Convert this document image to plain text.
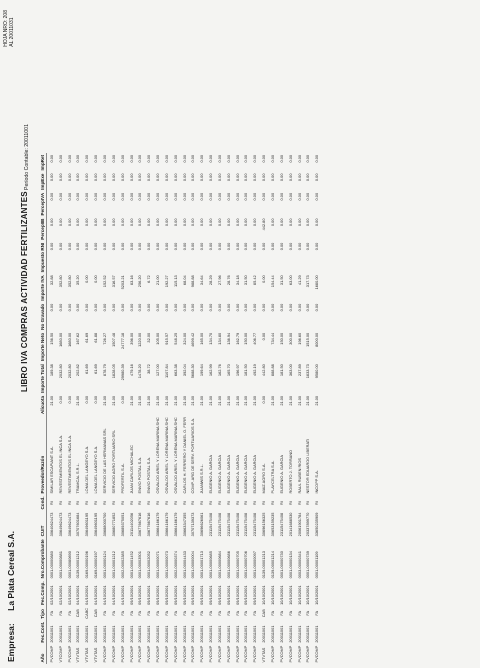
Empresa: La Plata Cereal S.A.
HOJA NRO: 208 AL 20011031
LIBRO IVA COMPRAS ACTIVIDAD FERTILIZANTES
Período Contable: 20011001
Año	Fec.Cont.	Tipo	Fec.Comp.	Nro.Comprobante	CUIT	Cond.	Proveedor/Razón	Alícuota	Importe Total	Importe Neto	No Gravado	Importe IVA	Impuesto RNI	PercepIIB	PercepIVA	ImpExe	ImpRet
PVCOMP	20011001	FA	02/10/2001	0001-00000880	30640624473	RI	SIMILAR ESCAPIANT S.A.	21.00	189.38	156.50	0.00	32.88	0.00	0.00	0.00	0.00	0.00
VTCOMP	20011001	FA	02/10/2001	0001-00000881	30649624473	RI	REVESTIMIENTOS EL INCA S.A.	0.00	2032.80	1680.00	0.00	352.80	0.00	0.00	0.00	0.00	0.00
PVCOMP	20011001	FA	02/10/2001	0001-00080690	30649624473	RI	REVESTIMIENTOS EL INCA S.A.	0.00	2032.80	1680.00	0.00	352.80	0.00	0.00	0.00	0.00	0.00
VTVTAS	20011001	CAB	04/10/2001	0139-00001212	30707601684	RI	TRAMCAL S.R.L.	21.00	202.82	167.62	0.00	35.20	0.00	0.00	0.00	0.00	0.00
VTVTAS	20011001	CABC	04/10/2001	0169-00000196	30649601195	RI	LOMA DEL LANGEYO S.A.	0.00	61.69	61.69	0.00	0.00	0.00	0.00	0.00	0.00	0.00
VTVTAS	20011001	CAB	04/10/2001	0169-00000197	30649601195	RI	LOMA DEL LANGEYO S.A.	0.00	61.69	61.88	0.00	0.00	0.00	0.00	0.00	0.00	0.00
PVCOMP	20011001	FA	04/10/2001	0001-00000124	30688000700	RI	SERVICIO DE LAS HERMANAS SRL	21.00	878.79	726.27	0.00	152.52	0.00	0.00	0.00	0.00	0.00
PVCOMP	20011001	FA	04/10/2001	0001-00001212	30680771852	RI	SERVICIO AGRO PORTUARIO SRL	21.00	1828.05	1507.48	0.00	316.57	0.00	0.00	0.00	0.00	0.00
PVCOMP	20011001	FA	04/10/2001	0002-00002385	30689375051	RI	PROFERTIL S.A.	0.00	29980.39	24777.18	0.00	5203.21	0.00	0.00	0.00	0.00	0.00
PVCOMP	20011001	FA	09/10/2001	0001-00001452	20114402056	RI	JUAN CARLOS MICHALEC	21.00	479.16	396.00	0.00	83.16	0.00	0.00	0.00	0.00	0.00
PVCOMP	20011001	FA	09/10/2001	0001-00003501	30677667616	RI	ENVIO POSTAL S.A.	21.00	1478.20	1220.00	0.00	256.20	0.00	0.00	0.00	0.00	0.00
PVCOMP	20011001	FA	09/10/2001	0001-00002052	30677667616	RI	ENVIO POSTAL S.A.	21.00	38.72	32.00	0.00	6.72	0.00	0.00	0.00	0.00	0.00
PVCOMP	20011001	FA	09/10/2001	0001-00000071	30664166179	RI	OSVALDO ARIEL Y LORENA MARINA SHC	21.00	127.00	105.00	0.00	21.00	0.00	0.00	0.00	0.00	0.00
PVCOMP	20011001	FA	09/10/2001	0001-00000073	30664166179	RI	OSVALDO ARIEL Y LORENA MARINA SHC	21.00	1107.84	915.57	0.00	192.27	0.00	0.00	0.00	0.00	0.00
PVCOMP	20011001	FA	09/10/2001	0002-00000374	30664166179	RI	OSVALDO ARIEL Y LORENA MARINA SHC	21.00	663.38	548.25	0.00	115.13	0.00	0.00	0.00	0.00	0.00
PVCOMP	20011001	FA	09/10/2001	0001-00004433	30663347355	RI	CARLOS H. FERRERO Y DANIEL O. FERR	21.00	392.04	324.00	0.00	68.04	0.00	0.00	0.00	0.00	0.00
PVCOMP	20011001	FA	09/10/2001	0001-00000004	30707139373	RI	COMP. ARG DE SERV. PORTUARIOS S.A.	21.00	5688.30	4699.42	0.00	988.88	0.00	0.00	0.00	0.00	0.00
PVCOMP	20011001	FA	09/10/2001	0001-00001713	30696626061	RI	JUANWIS S.R.L.	21.00	199.64	165.00	0.00	34.64	0.00	0.00	0.00	0.00	0.00
PVCOMP	20011001	FA	09/10/2001	0001-00000685	23115475408	RI	EUGENIO A. GARCIA	21.00	162.99	134.70	0.00	28.29	0.00	0.00	0.00	0.00	0.00
PVCOMP	20011001	FA	09/10/2001	0001-00000684	23115475408	RI	EUGENIO A. GARCIA	21.00	162.76	134.80	0.00	27.96	0.00	0.00	0.00	0.00	0.00
PVCOMP	20011001	FA	09/10/2001	0001-00000686	23115475408	RI	EUGENIO A. GARCIA	21.00	165.70	136.94	0.00	28.76	0.00	0.00	0.00	0.00	0.00
PVCOMP	20011001	FA	09/10/2001	0001-00000705	23115475408	RI	EUGENIO A. GARCIA	21.00	196.97	162.79	0.00	34.18	0.00	0.00	0.00	0.00	0.00
PVCOMP	20011001	FA	09/10/2001	0001-00000706	23115475408	RI	EUGENIO A. GARCIA	21.00	181.50	150.00	0.00	31.50	0.00	0.00	0.00	0.00	0.00
PVCOMP	20011001	FA	09/10/2001	0001-00000097	23115475408	RI	EUGENIO A. GARCIA	21.00	492.19	406.77	0.00	85.42	0.00	0.00	0.00	0.00	0.00
VTVTAS	20011001	CAB	10/10/2001	0139-00001213	30696156325	RI	MAIZ AGRO S.A.	0.00	442.80	0.00	0.00	0.00	0.00	442.80	0.00	0.00	0.00
PVCOMP	20011001	FA	10/10/2001	0139-00001214	30653159235	RI	PLAYCELTRA S.A.	21.00	888.88	734.44	0.00	154.44	0.00	0.00	0.00	0.00	0.00
PVCOMP	20011001	FA	10/10/2001	0001-00000730	23115475408	RI	EUGENIO A. GARCIA	21.00	181.50	150.00	0.00	31.50	0.00	0.00	0.00	0.00	0.00
PVCOMP	20011001	FA	10/10/2001	0001-00000134	20141688530	RI	ROBERTO J. TORRANO	21.00	363.00	300.00	0.00	63.00	0.00	0.00	0.00	0.00	0.00
PVCOMP	20011001	FA	10/10/2001	0003-00000341	20061901784	RI	RAUL RUBEN RIOS	21.00	237.89	196.60	0.00	41.29	0.00	0.00	0.00	0.00	0.00
PVCOMP	20011001	FA	10/10/2001	0001-00000739	20337899770	RI	NESTOR EDUARDO LIBERATI	21.00	1833.73	1515.00	0.00	317.73	0.00	0.00	0.00	0.00	0.00
PVCOMP	20011001	FA	10/10/2001	0001-00001109	33650235909	RI	INCOPP S.A.	21.00	9580.00	8000.00	0.00	1680.00	0.00	0.00	0.00	0.00	0.00
